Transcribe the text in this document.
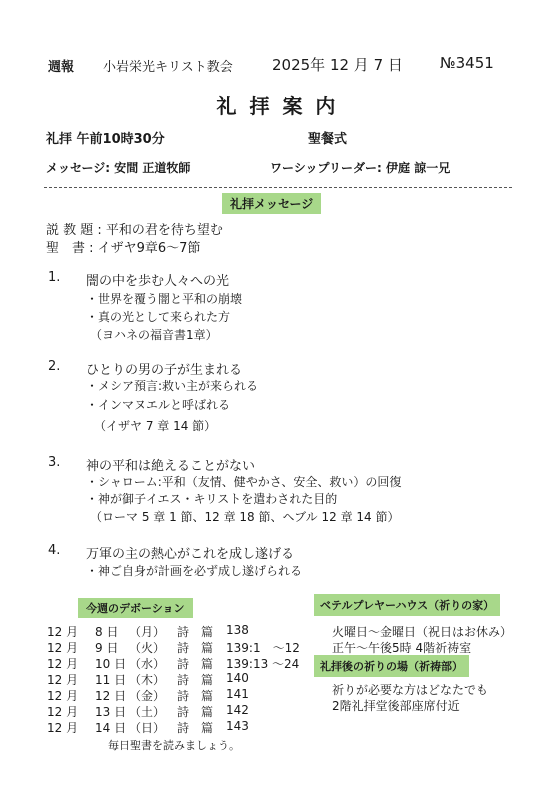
週報 小岩栄光キリスト教会	2025年 12 月 7 日 №3451
礼 拝 案 内
礼拝 午前10時30分	聖餐式
メッセージ: 安間 正道牧師	ワーシップリーダー: 伊庭 諒一兄
礼拝メッセージ
説 教 題 : 平和の君を待ち望む
聖　書 : イザヤ9章6～7節
1. 闇の中を歩む人々への光
・世界を覆う闇と平和の崩壊
・真の光として来られた方
（ヨハネの福音書1章）
2. ひとりの男の子が生まれる
・メシア預言:救い主が来られる
・インマヌエルと呼ばれる
（イザヤ 7 章 14 節）
3. 神の平和は絶えることがない
・シャローム:平和（友情、健やかさ、安全、救い）の回復
・神が御子イエス・キリストを遣わされた目的
（ローマ 5 章 1 節、12 章 18 節、ヘブル 12 章 14 節）
4. 万軍の主の熱心がこれを成し遂げる
・神ご自身が計画を必ず成し遂げられる
今週のデボーション
12 月 8 日 （月） 詩　篇 138
12 月 9 日 （火） 詩　篇 139:1　～12
12 月 10 日 （水） 詩　篇 139:13 ～24
12 月 11 日 （木） 詩　篇 140
12 月 12 日 （金） 詩　篇 141
12 月 13 日 （土） 詩　篇 142
12 月 14 日 （日） 詩　篇 143
毎日聖書を読みましょう。
ベテルプレヤーハウス（祈りの家）
火曜日～金曜日（祝日はお休み）
正午～午後5時 4階祈祷室
礼拝後の祈りの場（祈祷部）
祈りが必要な方はどなたでも
2階礼拝堂後部座席付近
